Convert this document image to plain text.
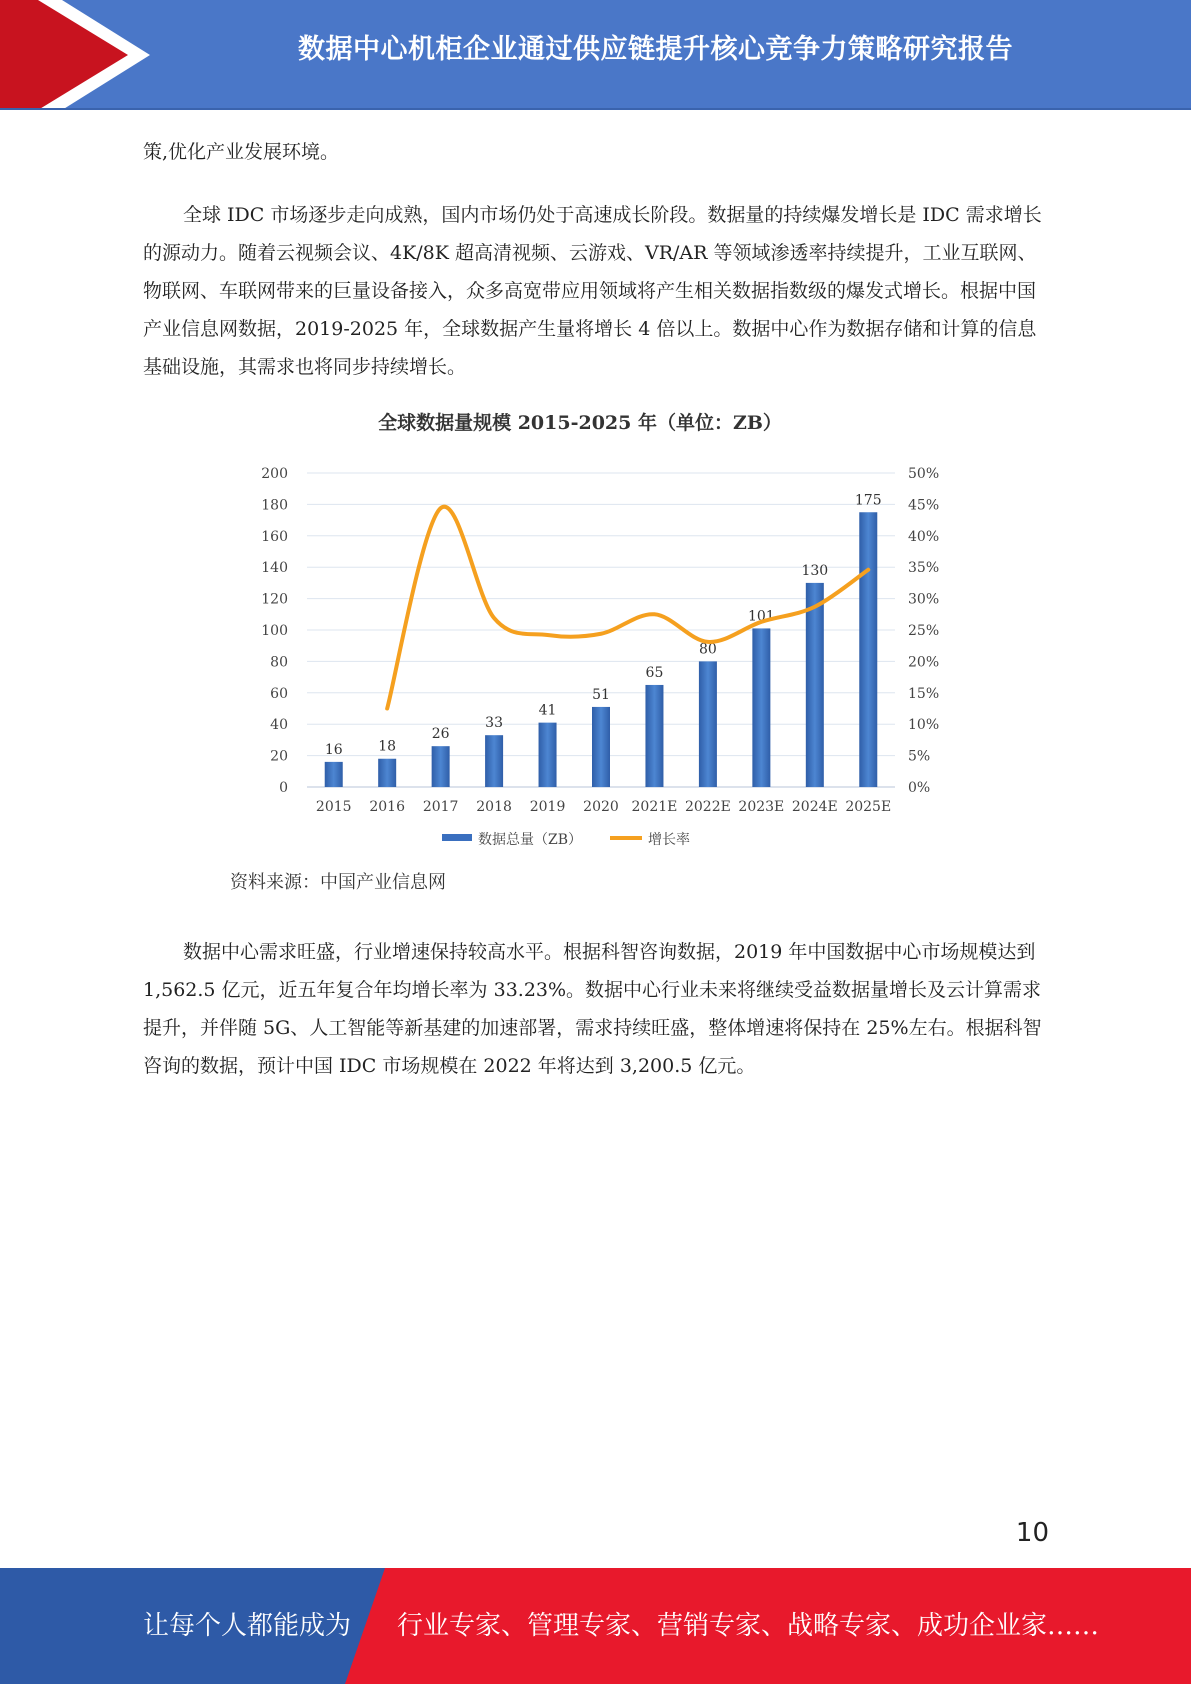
数据中心机柜企业通过供应链提升核心竞争力策略研究报告

策,优化产业发展环境。

全球 IDC 市场逐步走向成熟，国内市场仍处于高速成长阶段。数据量的持续爆发增长是 IDC 需求增长的源动力。随着云视频会议、4K/8K 超高清视频、云游戏、VR/AR 等领域渗透率持续提升，工业互联网、物联网、车联网带来的巨量设备接入，众多高宽带应用领域将产生相关数据指数级的爆发式增长。根据中国产业信息网数据，2019-2025 年，全球数据产生量将增长 4 倍以上。数据中心作为数据存储和计算的信息基础设施，其需求也将同步持续增长。

全球数据量规模 2015-2025 年（单位：ZB）
0
20
40
60
80
100
120
140
160
180
200
0%
5%
10%
15%
20%
25%
30%
35%
40%
45%
50%
16
2015
18
2016
26
2017
33
2018
41
2019
51
2020
65
2021E
80
2022E
101
2023E
130
2024E
175
2025E
数据总量（ZB）	增长率
资料来源：中国产业信息网

数据中心需求旺盛，行业增速保持较高水平。根据科智咨询数据，2019 年中国数据中心市场规模达到 1,562.5 亿元，近五年复合年均增长率为 33.23%。数据中心行业未来将继续受益数据量增长及云计算需求提升，并伴随 5G、人工智能等新基建的加速部署，需求持续旺盛，整体增速将保持在 25%左右。根据科智咨询的数据，预计中国 IDC 市场规模在 2022 年将达到 3,200.5 亿元。

10
让每个人都能成为 行业专家、管理专家、营销专家、战略专家、成功企业家……
